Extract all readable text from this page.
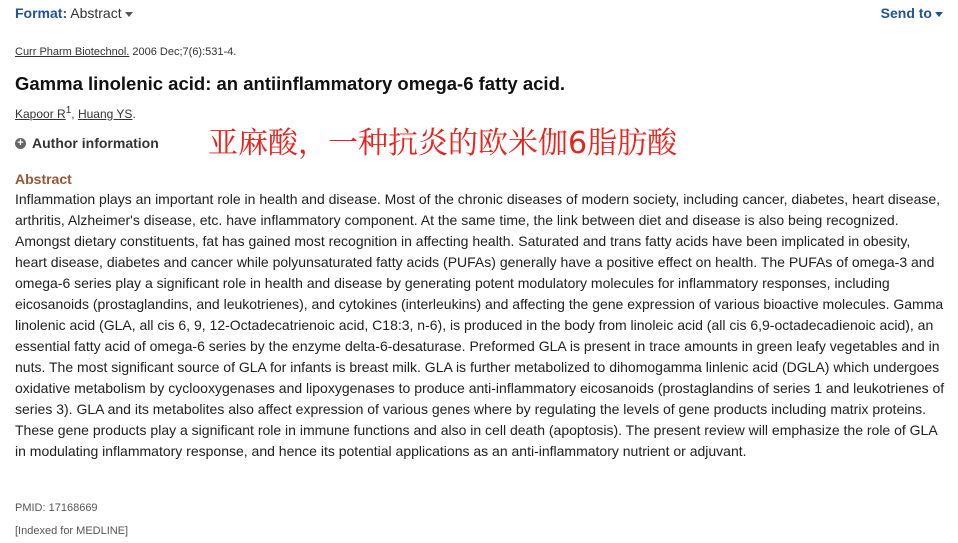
Format: Abstract	Send to
Curr Pharm Biotechnol. 2006 Dec;7(6):531-4.
Gamma linolenic acid: an antiinflammatory omega-6 fatty acid.
Kapoor $R^1$, Huang YS.
+ Author information 亚麻酸，一种抗炎的欧米伽6脂肪酸
Abstract

Inflammation plays an important role in health and disease. Most of the chronic diseases of modern society, including cancer, diabetes, heart disease, arthritis, Alzheimer's disease, etc. have inflammatory component. At the same time, the link between diet and disease is also being recognized. Amongst dietary constituents, fat has gained most recognition in affecting health. Saturated and trans fatty acids have been implicated in obesity, heart disease, diabetes and cancer while polyunsaturated fatty acids (PUFAs) generally have a positive effect on health. The PUFAs of omega-3 and omega-6 series play a significant role in health and disease by generating potent modulatory molecules for inflammatory responses, including eicosanoids (prostaglandins, and leukotrienes), and cytokines (interleukins) and affecting the gene expression of various bioactive molecules. Gamma linolenic acid (GLA, all cis 6, 9, 12-Octadecatrienoic acid, C18:3, n-6), is produced in the body from linoleic acid (all cis 6,9-octadecadienoic acid), an essential fatty acid of omega-6 series by the enzyme delta-6-desaturase. Preformed GLA is present in trace amounts in green leafy vegetables and in nuts. The most significant source of GLA for infants is breast milk. GLA is further metabolized to dihomogamma linlenic acid (DGLA) which undergoes oxidative metabolism by cyclooxygenases and lipoxygenases to produce anti-inflammatory eicosanoids (prostaglandins of series 1 and leukotrienes of series 3). GLA and its metabolites also affect expression of various genes where by regulating the levels of gene products including matrix proteins. These gene products play a significant role in immune functions and also in cell death (apoptosis). The present review will emphasize the role of GLA in modulating inflammatory response, and hence its potential applications as an anti-inflammatory nutrient or adjuvant.

PMID: 17168669
[Indexed for MEDLINE]
